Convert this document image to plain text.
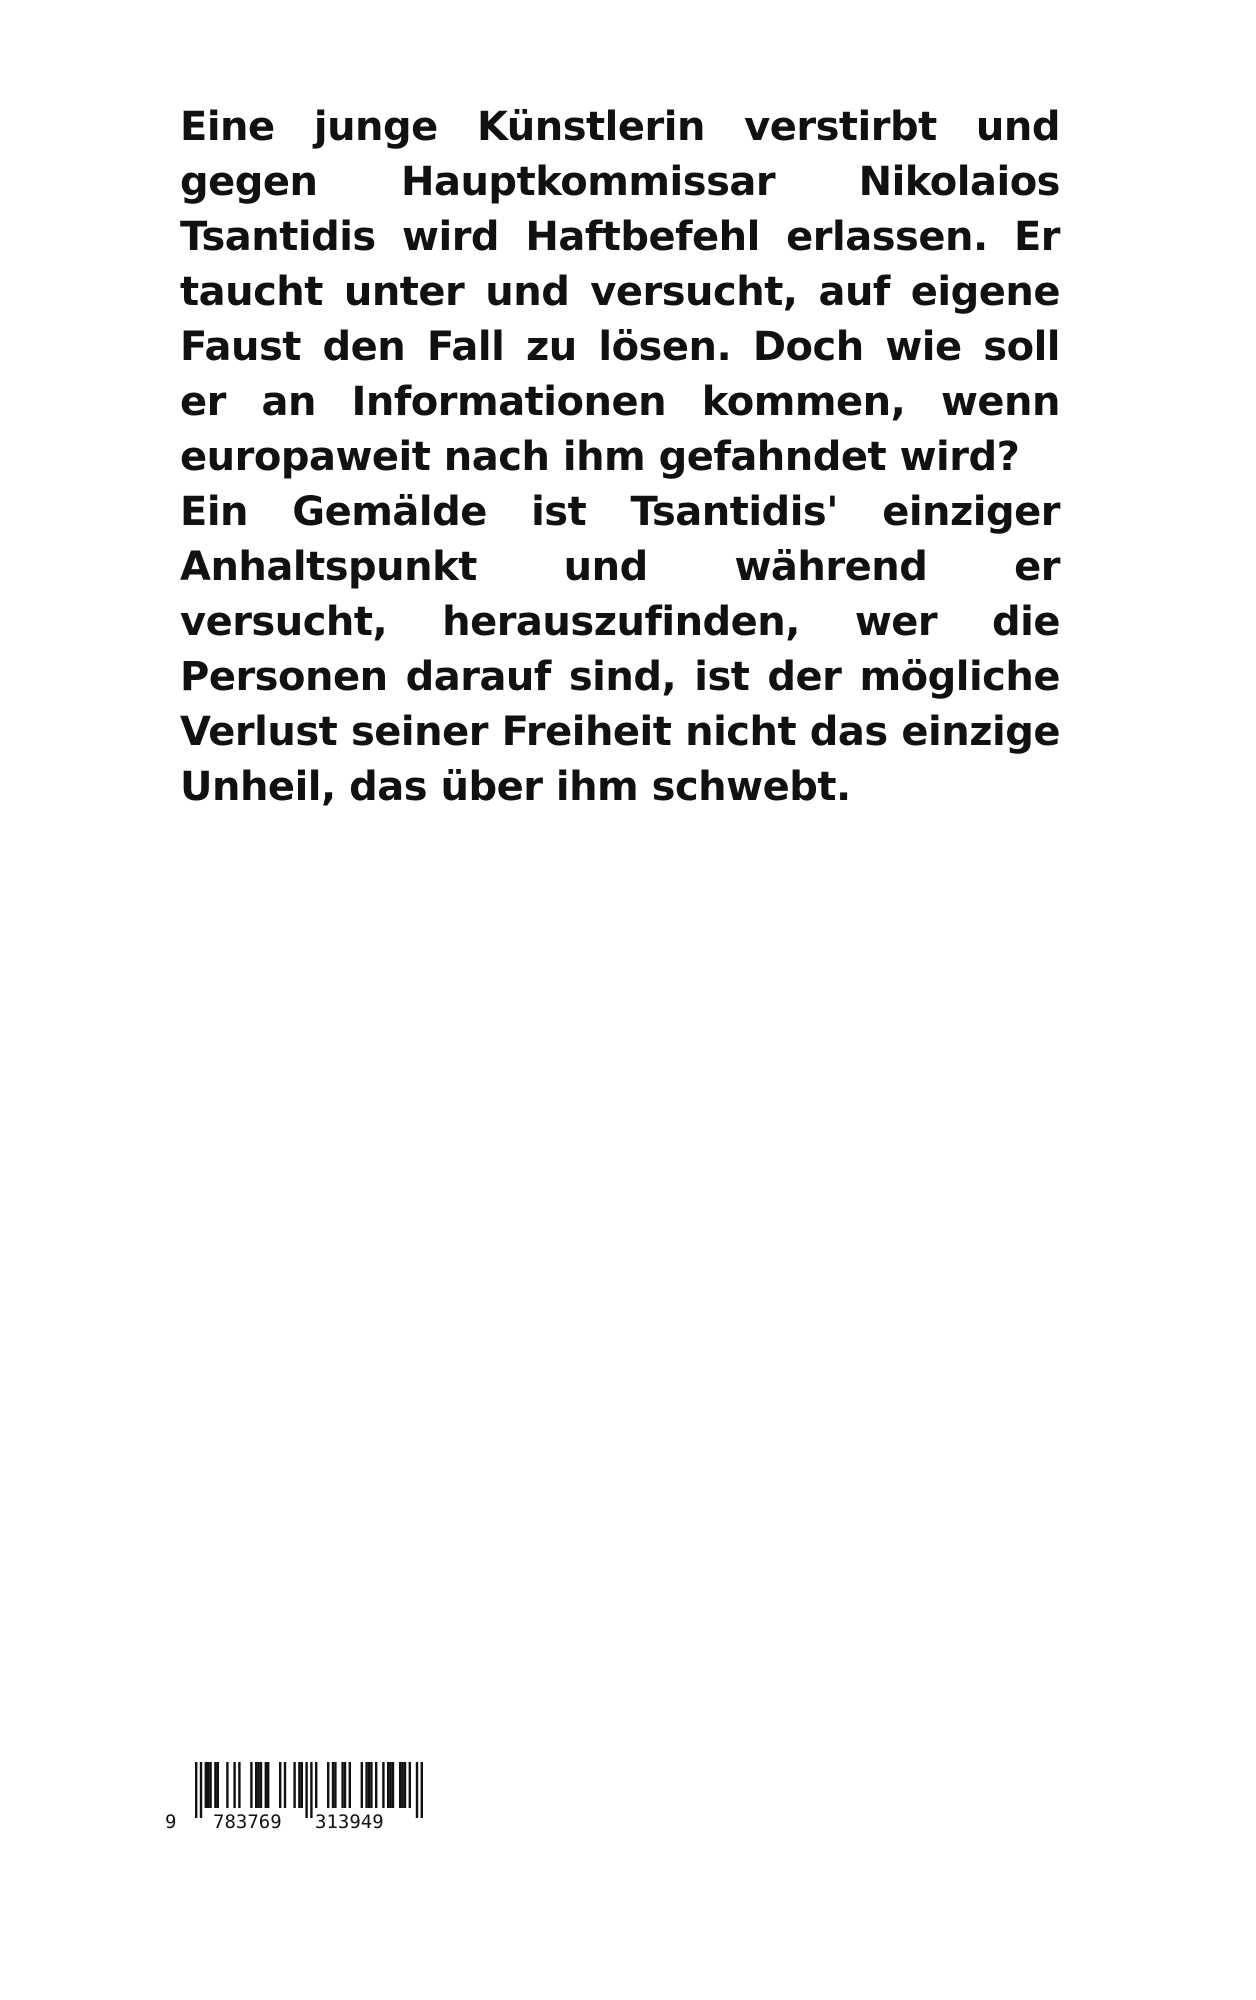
Eine junge Künstlerin verstirbt und gegen Hauptkommissar Nikolaios Tsantidis wird Haftbefehl erlassen. Er taucht unter und versucht, auf eigene Faust den Fall zu lösen. Doch wie soll er an Informationen kommen, wenn europaweit nach ihm gefahndet wird?

Ein Gemälde ist Tsantidis' einziger Anhaltspunkt und während er versucht, herauszufinden, wer die Personen darauf sind, ist der mögliche Verlust seiner Freiheit nicht das einzige Unheil, das über ihm schwebt.

9

783769

313949
